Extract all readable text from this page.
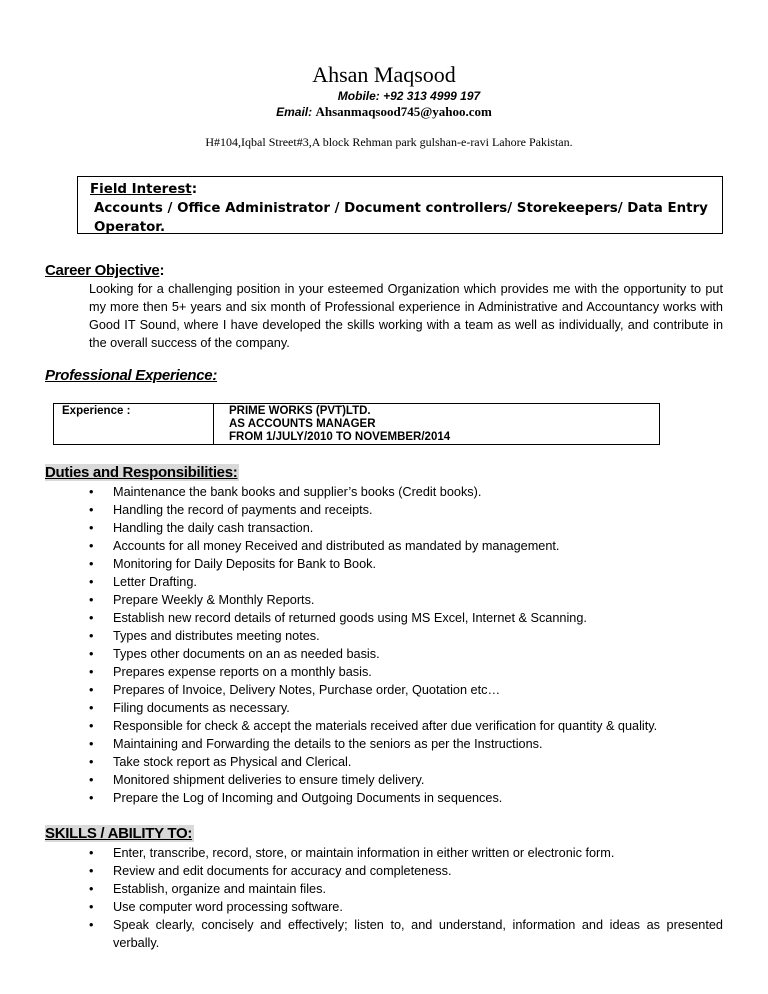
Ahsan Maqsood
Mobile: +92 313 4999 197
Email: Ahsanmaqsood745@yahoo.com
H#104,Iqbal Street#3,A block Rehman park gulshan-e-ravi Lahore Pakistan.
Field Interest:
Accounts / Office Administrator / Document controllers/ Storekeepers/ Data Entry Operator.
Career Objective:
Looking for a challenging position in your esteemed Organization which provides me with the opportunity to put my more then 5+ years and six month of Professional experience in Administrative and Accountancy works with Good IT Sound, where I have developed the skills working with a team as well as individually, and contribute in the overall success of the company.
Professional Experience:
Experience :	PRIME WORKS (PVT)LTD.
AS ACCOUNTS MANAGER
FROM 1/JULY/2010 TO NOVEMBER/2014
Duties and Responsibilities:
• Maintenance the bank books and supplier’s books (Credit books).
• Handling the record of payments and receipts.
• Handling the daily cash transaction.
• Accounts for all money Received and distributed as mandated by management.
• Monitoring for Daily Deposits for Bank to Book.
• Letter Drafting.
• Prepare Weekly & Monthly Reports.
• Establish new record details of returned goods using MS Excel, Internet & Scanning.
• Types and distributes meeting notes.
• Types other documents on an as needed basis.
• Prepares expense reports on a monthly basis.
• Prepares of Invoice, Delivery Notes, Purchase order, Quotation etc…
• Filing documents as necessary.
• Responsible for check & accept the materials received after due verification for quantity & quality.
• Maintaining and Forwarding the details to the seniors as per the Instructions.
• Take stock report as Physical and Clerical.
• Monitored shipment deliveries to ensure timely delivery.
• Prepare the Log of Incoming and Outgoing Documents in sequences.
SKILLS / ABILITY TO:
• Enter, transcribe, record, store, or maintain information in either written or electronic form.
• Review and edit documents for accuracy and completeness.
• Establish, organize and maintain files.
• Use computer word processing software.
• Speak clearly, concisely and effectively; listen to, and understand, information and ideas as presented verbally.
